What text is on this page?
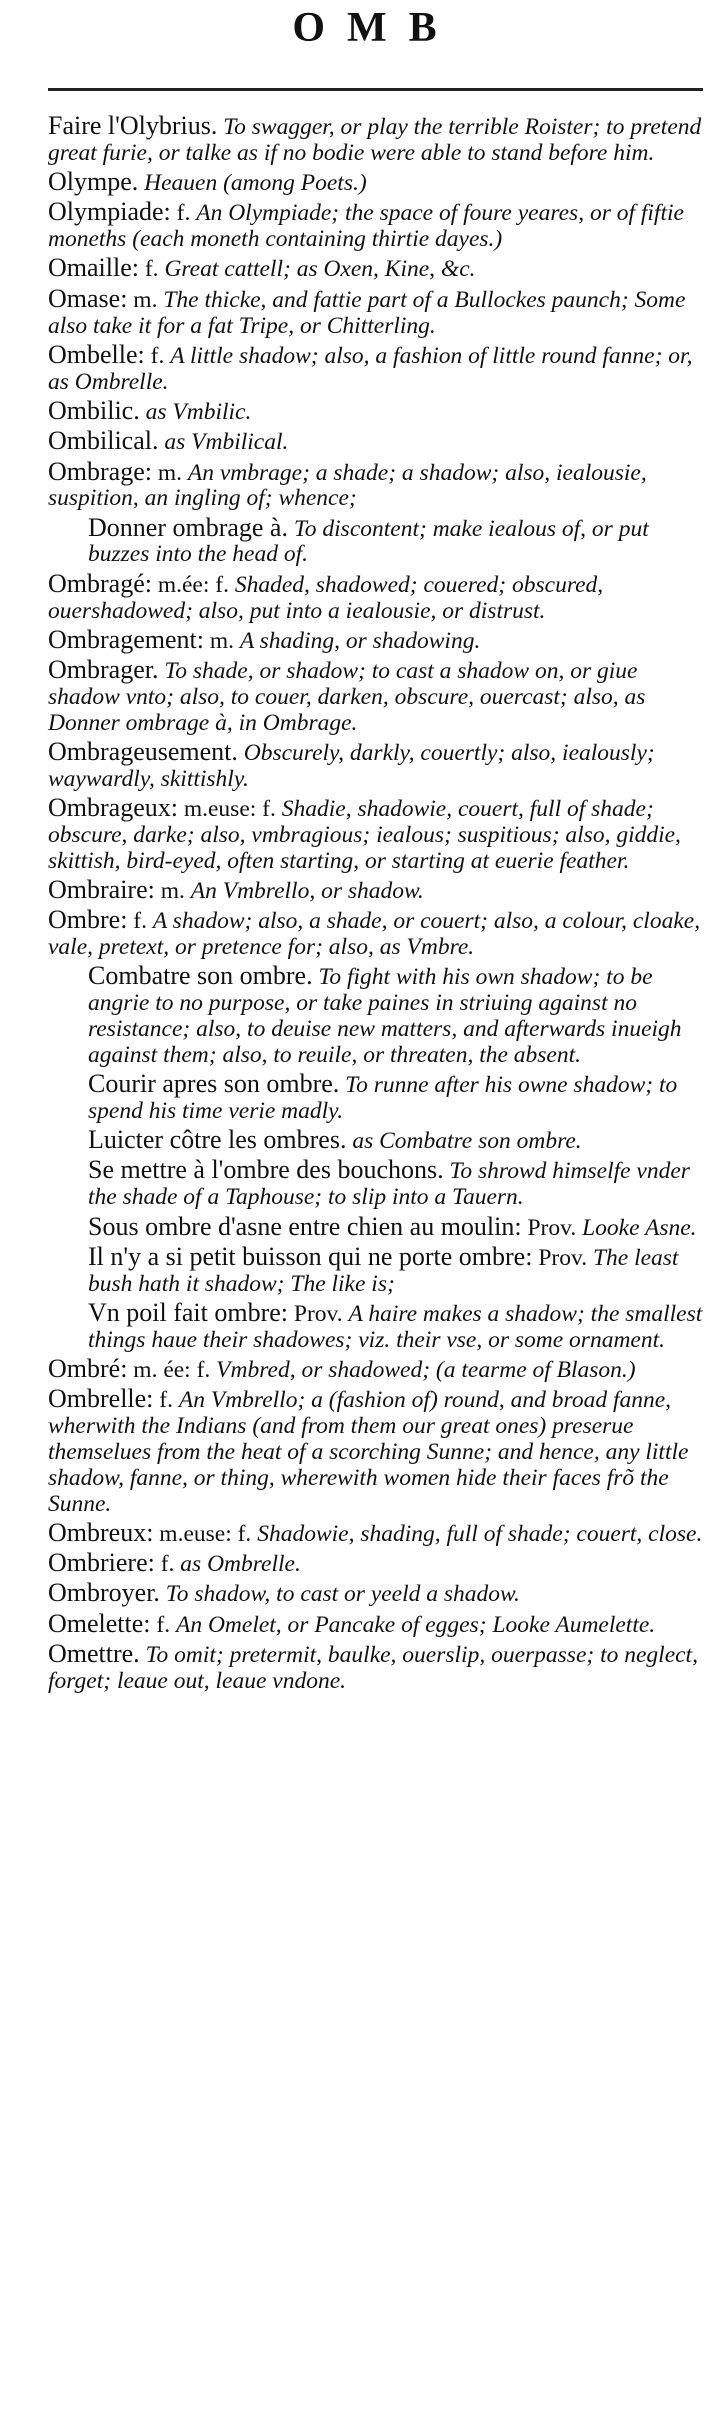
OMB
Faire l'Olybrius. To swagger, or play the terrible Roister; to pretend great furie, or talke as if no bodie were able to stand before him.
Olympe. Heauen (among Poets.)
Olympiade: f. An Olympiade; the space of foure yeares, or of fiftie moneths (each moneth containing thirtie dayes.)
Omaille: f. Great cattell; as Oxen, Kine, &c.
Omase: m. The thicke, and fattie part of a Bullockes paunch; Some also take it for a fat Tripe, or Chitterling.
Ombelle: f. A little shadow; also, a fashion of little round fanne; or, as Ombrelle.
Ombilic. as Vmbilic.
Ombilical. as Vmbilical.
Ombrage: m. An vmbrage; a shade; a shadow; also, iealousie, suspition, an ingling of; whence;
Donner ombrage à. To discontent; make iealous of, or put buzzes into the head of.
Ombragé: m.ée: f. Shaded, shadowed; couered; obscured, ouershadowed; also, put into a iealousie, or distrust.
Ombragement: m. A shading, or shadowing.
Ombrager. To shade, or shadow; to cast a shadow on, or giue shadow vnto; also, to couer, darken, obscure, ouercast; also, as Donner ombrage à, in Ombrage.
Ombrageusement. Obscurely, darkly, couertly; also, iealously; waywardly, skittishly.
Ombrageux: m.euse: f. Shadie, shadowie, couert, full of shade; obscure, darke; also, vmbragious; iealous; suspitious; also, giddie, skittish, bird-eyed, often starting, or starting at euerie feather.
Ombraire: m. An Vmbrello, or shadow.
Ombre: f. A shadow; also, a shade, or couert; also, a colour, cloake, vale, pretext, or pretence for; also, as Vmbre.
Combatre son ombre. To fight with his own shadow; to be angrie to no purpose, or take paines in striuing against no resistance; also, to deuise new matters, and afterwards inueigh against them; also, to reuile, or threaten, the absent.
Courir apres son ombre. To runne after his owne shadow; to spend his time verie madly.
Luicter côtre les ombres. as Combatre son ombre.
Se mettre à l'ombre des bouchons. To shrowd himselfe vnder the shade of a Taphouse; to slip into a Tauern.
Sous ombre d'asne entre chien au moulin: Prov. Looke Asne.
Il n'y a si petit buisson qui ne porte ombre: Prov. The least bush hath it shadow; The like is;
Vn poil fait ombre: Prov. A haire makes a shadow; the smallest things haue their shadowes; viz. their vse, or some ornament.
Ombré: m. ée: f. Vmbred, or shadowed; (a tearme of Blason.)
Ombrelle: f. An Vmbrello; a (fashion of) round, and broad fanne, wherwith the Indians (and from them our great ones) preserue themselues from the heat of a scorching Sunne; and hence, any little shadow, fanne, or thing, wherewith women hide their faces frõ the Sunne.
Ombreux: m.euse: f. Shadowie, shading, full of shade; couert, close.
Ombriere: f. as Ombrelle.
Ombroyer. To shadow, to cast or yeeld a shadow.
Omelette: f. An Omelet, or Pancake of egges; Looke Aumelette.
Omettre. To omit; pretermit, baulke, ouerslip, ouerpasse; to neglect, forget; leaue out, leaue vndone.
